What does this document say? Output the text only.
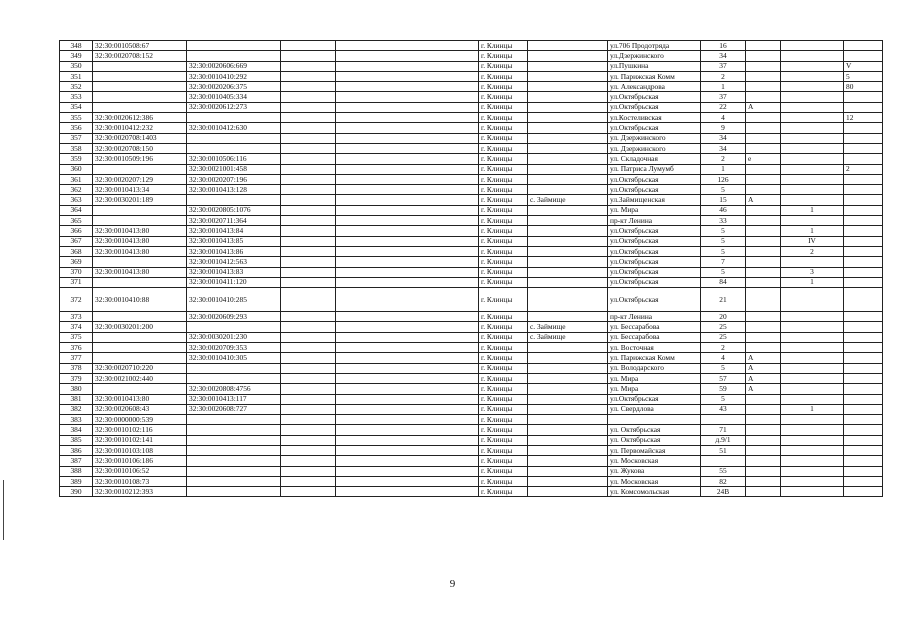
348	32:30:0010508:67				г. Клинцы		ул.706 Продотряда	16			
349	32:30:0020708:152				г. Клинцы		ул.Дзержинского	34			
350		32:30:0020606:669			г. Клинцы		ул.Пушкина	37			V
351		32:30:0010410:292			г. Клинцы		ул. Парижская Комм	2			5
352		32:30:0020206:375			г. Клинцы		ул. Александрова	1			80
353		32:30:0010405:334			г. Клинцы		ул.Октябрьская	37			
354		32:30:0020612:273			г. Клинцы		ул.Октябрьская	22	А		
355	32:30:0020612:386				г. Клинцы		ул.Костеливская	4			12
356	32:30:0010412:232	32:30:0010412:630			г. Клинцы		ул.Октябрьская	9			
357	32:30:0020708:1403				г. Клинцы		ул. Дзержинского	34			
358	32:30:0020708:150				г. Клинцы		ул. Дзержинского	34			
359	32:30:0010509:196	32:30:0010506:116			г. Клинцы		ул. Складочная	2	е		
360		32:30:0021001:458			г. Клинцы		ул. Патриса Лумумб	1			2
361	32:30:0020207:129	32:30:0020207:196			г. Клинцы		ул.Октябрьская	126			
362	32:30:0010413:34	32:30:0010413:128			г. Клинцы		ул.Октябрьская	5			
363	32:30:0030201:189				г. Клинцы	с. Займище	ул.Займищенская	15	А		
364		32:30:0020805:1076			г. Клинцы		ул. Мира	46		1	
365		32:30:0020711:364			г. Клинцы		пр-кт Ленина	33			
366	32:30:0010413:80	32:30:0010413:84			г. Клинцы		ул.Октябрьская	5		1	
367	32:30:0010413:80	32:30:0010413:85			г. Клинцы		ул.Октябрьская	5		IV	
368	32:30:0010413:80	32:30:0010413:86			г. Клинцы		ул.Октябрьская	5		2	
369		32:30:0010412:563			г. Клинцы		ул.Октябрьская	7			
370	32:30:0010413:80	32:30:0010413:83			г. Клинцы		ул.Октябрьская	5		3	
371		32:30:0010411:120			г. Клинцы		ул.Октябрьская	84		1	
372	32:30:0010410:88	32:30:0010410:285			г. Клинцы		ул.Октябрьская	21			
373		32:30:0020609:293			г. Клинцы		пр-кт Ленина	20			
374	32:30:0030201:200				г. Клинцы	с. Займище	ул. Бессарабова	25			
375		32:30:0030201:230			г. Клинцы	с. Займище	ул. Бессарабова	25			
376		32:30:0020709:353			г. Клинцы		ул. Восточная	2			
377		32:30:0010410:305			г. Клинцы		ул. Парижская Комм	4	А		
378	32:30:0020710:220				г. Клинцы		ул. Володарского	5	А		
379	32:30:0021002:440				г. Клинцы		ул. Мира	57	А		
380		32:30:0020808:4756			г. Клинцы		ул. Мира	59	А		
381	32:30:0010413:80	32:30:0010413:117			г. Клинцы		ул.Октябрьская	5			
382	32:30:0020608:43	32:30:0020608:727			г. Клинцы		ул. Свердлова	43		1	
383	32:30:0000000:539				г. Клинцы						
384	32:30:0010102:116				г. Клинцы		ул. Октябрьская	71			
385	32:30:0010102:141				г. Клинцы		ул. Октябрьская	д.9/1			
386	32:30:0010103:108				г. Клинцы		ул. Первомайская	51			
387	32:30:0010106:186				г. Клинцы		ул. Московская				
388	32:30:0010106:52				г. Клинцы		ул. Жукова	55			
389	32:30:0010108:73				г. Клинцы		ул. Московская	82			
390	32:30:0010212:393				г. Клинцы		ул. Комсомольская	24В			
9
